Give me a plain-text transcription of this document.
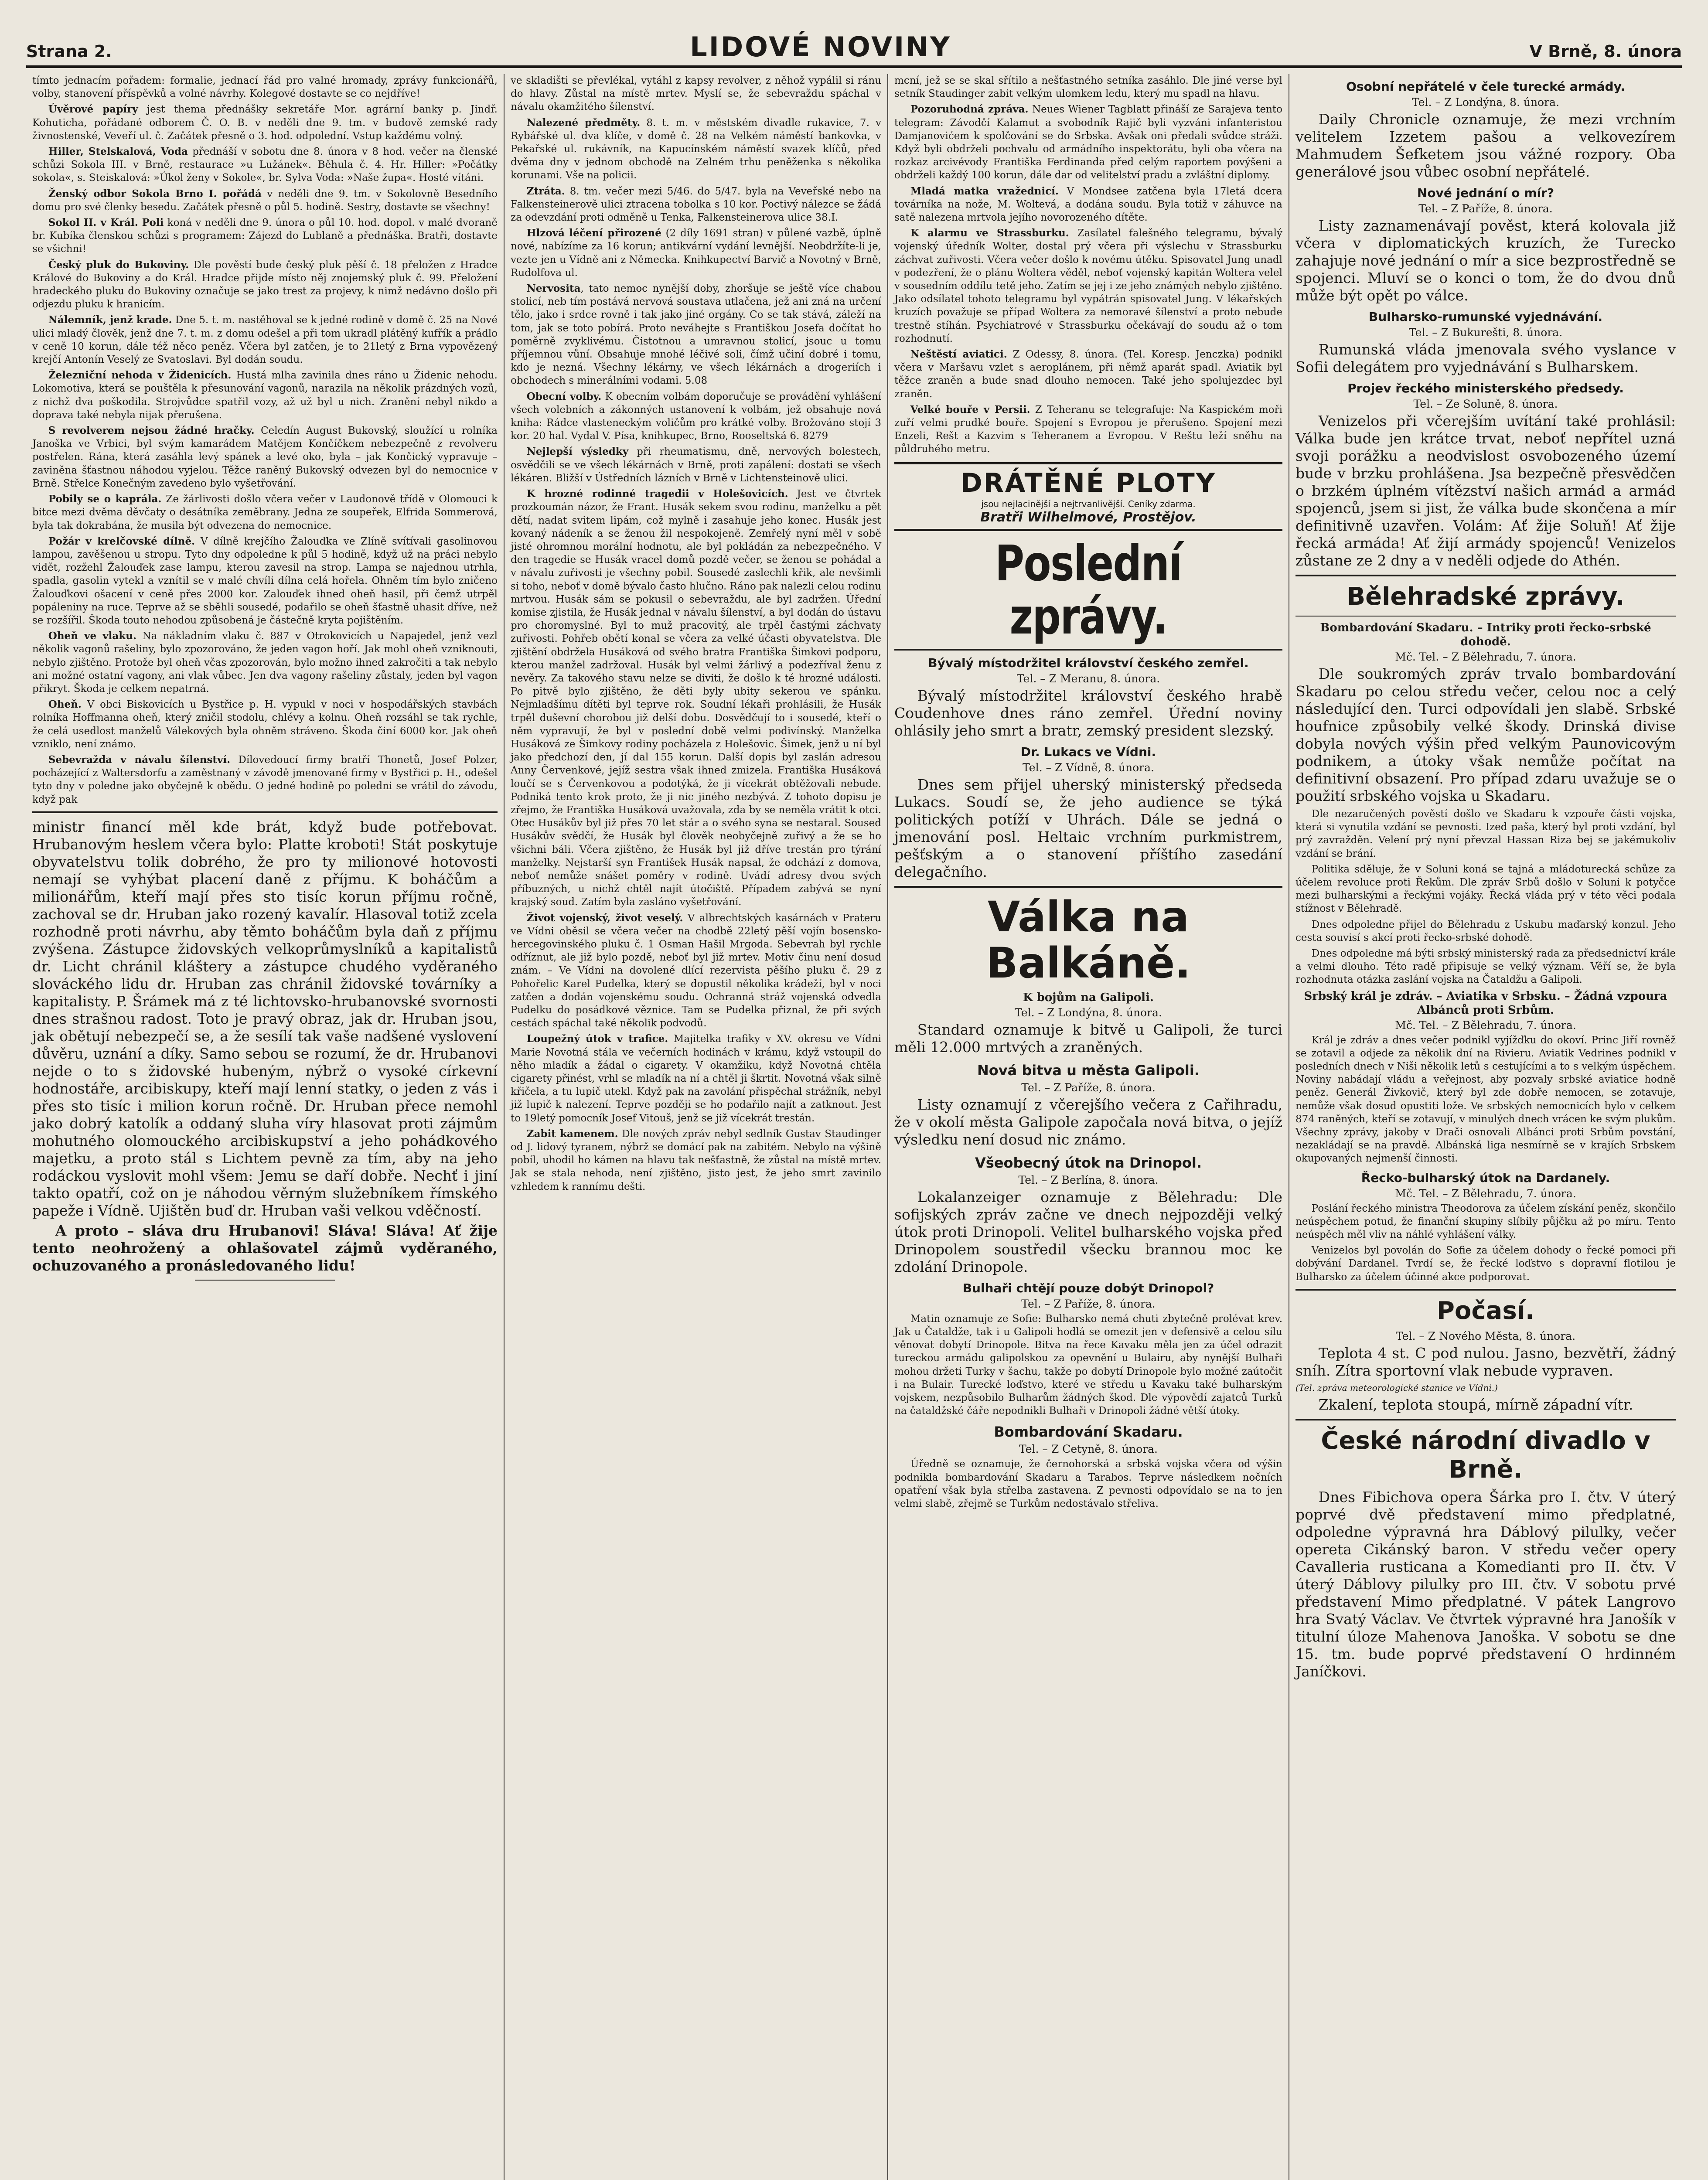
Strana 2.	LIDOVÉ NOVINY	V Brně, 8. února

tímto jednacím pořadem: formalie, jednací řád pro valné hromady, zprávy funkcionářů, volby, stanovení příspěvků a volné návrhy. Kolegové dostavte se co nejdříve!

Úvěrové papíry jest thema přednášky sekretáře Mor. agrární banky p. Jindř. Kohuticha, pořádané odborem Č. O. B. v neděli dne 9. tm. v budově zemské rady živnostenské, Veveří ul. č. Začátek přesně o 3. hod. odpolední. Vstup každému volný.

Hiller, Stelskalová, Voda přednáší v sobotu dne 8. února v 8 hod. večer na členské schůzi Sokola III. v Brně, restaurace »u Lužánek«. Běhula č. 4. Hr. Hiller: »Počátky sokola«, s. Steiskalová: »Úkol ženy v Sokole«, br. Sylva Voda: »Naše župa«. Hosté vítáni.

Ženský odbor Sokola Brno I. pořádá v neděli dne 9. tm. v Sokolovně Besedního domu pro své členky besedu. Začátek přesně o půl 5. hodině. Sestry, dostavte se všechny!

Sokol II. v Král. Poli koná v neděli dne 9. února o půl 10. hod. dopol. v malé dvoraně br. Kubíka členskou schůzi s programem: Zájezd do Lublaně a přednáška. Bratři, dostavte se všichni!

Český pluk do Bukoviny. Dle pověstí bude český pluk pěší č. 18 přeložen z Hradce Králové do Bukoviny a do Král. Hradce přijde místo něj znojemský pluk č. 99. Přeložení hradeckého pluku do Bukoviny označuje se jako trest za projevy, k nimž nedávno došlo při odjezdu pluku k hranicím.

Nálemník, jenž krade. Dne 5. t. m. nastěhoval se k jedné rodině v domě č. 25 na Nové ulici mladý člověk, jenž dne 7. t. m. z domu odešel a při tom ukradl plátěný kufřík a prádlo v ceně 10 korun, dále též něco peněz. Včera byl zatčen, je to 21letý z Brna vypovězený krejčí Antonín Veselý ze Svatoslavi. Byl dodán soudu.

Železniční nehoda v Židenicích. Hustá mlha zavinila dnes ráno u Židenic nehodu. Lokomotiva, která se pouštěla k přesunování vagonů, narazila na několik prázdných vozů, z nichž dva poškodila. Strojvůdce spatřil vozy, až už byl u nich. Zranění nebyl nikdo a doprava také nebyla nijak přerušena.

S revolverem nejsou žádné hračky. Celedín August Bukovský, sloužící u rolníka Janoška ve Vrbici, byl svým kamarádem Matějem Končíčkem nebezpečně z revolveru postřelen. Rána, která zasáhla levý spánek a levé oko, byla – jak Končický vypravuje – zaviněna šťastnou náhodou vyjelou. Těžce raněný Bukovský odvezen byl do nemocnice v Brně. Střelce Konečným zavedeno bylo vyšetřování.

Pobily se o kaprála. Ze žárlivosti došlo včera večer v Laudonově třídě v Olomouci k bitce mezi dvěma děvčaty o desátníka zeměbrany. Jedna ze soupeřek, Elfrida Sommerová, byla tak dokrabána, že musila být odvezena do nemocnice.

Požár v krelčovské dílně. V dílně krejčího Žalouďka ve Zlíně svítívali gasolinovou lampou, zavěšenou u stropu. Tyto dny odpoledne k půl 5 hodině, když už na práci nebylo vidět, rozžehl Žalouďek zase lampu, kterou zavesil na strop. Lampa se najednou utrhla, spadla, gasolin vytekl a vznítil se v malé chvíli dílna celá hořela. Ohněm tím bylo zničeno Žalouďkovi ošacení v ceně přes 2000 kor. Zalouďek ihned oheň hasil, při čemž utrpěl popáleniny na ruce. Teprve až se sběhli sousedé, podařilo se oheň šťastně uhasit dříve, než se rozšířil. Škoda touto nehodou způsobená je částečně kryta pojištěním.

Oheň ve vlaku. Na nákladním vlaku č. 887 v Otrokovicích u Napajedel, jenž vezl několik vagonů rašeliny, bylo zpozorováno, že jeden vagon hoří. Jak mohl oheň vzniknouti, nebylo zjištěno. Protože byl oheň včas zpozorován, bylo možno ihned zakročiti a tak nebylo ani možné ostatní vagony, ani vlak vůbec. Jen dva vagony rašeliny zůstaly, jeden byl vagon přikryt. Škoda je celkem nepatrná.

Oheň. V obci Biskovicích u Bystřice p. H. vypukl v noci v hospodářských stavbách rolníka Hoffmanna oheň, který zničil stodolu, chlévy a kolnu. Oheň rozsáhl se tak rychle, že celá usedlost manželů Válekových byla ohněm stráveno. Škoda činí 6000 kor. Jak oheň vzniklo, není známo.

Sebevražda v návalu šílenství. Dílovedoucí firmy bratří Thonetů, Josef Polzer, pocházející z Waltersdorfu a zaměstnaný v závodě jmenované firmy v Bystřici p. H., odešel tyto dny v poledne jako obyčejně k obědu. O jedné hodině po poledni se vrátil do závodu, když pak

ministr financí měl kde brát, když bude potřebovat. Hrubanovým heslem včera bylo: Platte kroboti! Stát poskytuje obyvatelstvu tolik dobrého, že pro ty milionové hotovosti nemají se vyhýbat placení daně z příjmu. K boháčům a milionářům, kteří mají přes sto tisíc korun příjmu ročně, zachoval se dr. Hruban jako rozený kavalír. Hlasoval totiž zcela rozhodně proti návrhu, aby těmto boháčům byla daň z příjmu zvýšena. Zástupce židovských velkoprůmyslníků a kapitalistů dr. Licht chránil kláštery a zástupce chudého vyděraného slováckého lidu dr. Hruban zas chránil židovské továrníky a kapitalisty. P. Šrámek má z té lichtovsko-hrubanovské svornosti dnes strašnou radost. Toto je pravý obraz, jak dr. Hruban jsou, jak obětují nebezpečí se, a že sesílí tak vaše nadšené vyslovení důvěru, uznání a díky. Samo sebou se rozumí, že dr. Hrubanovi nejde o to s židovské hubeným, nýbrž o vysoké církevní hodnostáře, arcibiskupy, kteří mají lenní statky, o jeden z vás i přes sto tisíc i milion korun ročně. Dr. Hruban přece nemohl jako dobrý katolík a oddaný sluha víry hlasovat proti zájmům mohutného olomouckého arcibiskupství a jeho pohádkového majetku, a proto stál s Lichtem pevně za tím, aby na jeho rodáckou vyslovit mohl všem: Jemu se daří dobře. Nechť i jiní takto opatří, což on je náhodou věrným služebníkem římského papeže i Vídně. Ujištěn buď dr. Hruban vaši velkou vděčností.

A proto – sláva dru Hrubanovi! Sláva! Sláva! Ať žije tento neohrožený a ohlašovatel zájmů vyděraného, ochuzovaného a pronásledovaného lidu!

ve skladišti se převlékal, vytáhl z kapsy revolver, z něhož vypálil si ránu do hlavy. Zůstal na místě mrtev. Myslí se, že sebevraždu spáchal v návalu okamžitého šílenství.

Nalezené předměty. 8. t. m. v městském divadle rukavice, 7. v Rybářské ul. dva klíče, v domě č. 28 na Velkém náměstí bankovka, v Pekařské ul. rukávník, na Kapucínském náměstí svazek klíčů, před dvěma dny v jednom obchodě na Zelném trhu peněženka s několika korunami. Vše na policii.

Ztráta. 8. tm. večer mezi 5/46. do 5/47. byla na Veveřské nebo na Falkensteinerově ulici ztracena tobolka s 10 kor. Poctivý nálezce se žádá za odevzdání proti odměně u Tenka, Falkensteinerova ulice 38.I.

Hlzová léčení přirozené (2 díly 1691 stran) v půlené vazbě, úplně nové, nabízíme za 16 korun; antikvární vydání levnější. Neobdržíte-li je, vezte jen u Vídně ani z Německa. Knihkupectví Barvič a Novotný v Brně, Rudolfova ul.

Nervosita, tato nemoc nynější doby, zhoršuje se ještě více chabou stolicí, neb tím postává nervová soustava utlačena, jež ani zná na určení tělo, jako i srdce rovně i tak jako jiné orgány. Co se tak stává, záleží na tom, jak se toto pobírá. Proto neváhejte s Františkou Josefa dočítat ho poměrně zvyklivému. Čistotnou a umravnou stolicí, jsouc u tomu příjemnou vůní. Obsahuje mnohé léčivé soli, čímž učiní dobré i tomu, kdo je nezná. Všechny lékárny, ve všech lékárnách a drogeriích i obchodech s minerálními vodami. 5.08

Obecní volby. K obecním volbám doporučuje se provádění vyhlášení všech volebních a zákonných ustanovení k volbám, jež obsahuje nová kniha: Rádce vlasteneckým voličům pro krátké volby. Brožováno stojí 3 kor. 20 hal. Vydal V. Písa, knihkupec, Brno, Rooseltská 6. 8279

Nejlepší výsledky při rheumatismu, dně, nervových bolestech, osvědčili se ve všech lékárnách v Brně, proti zapálení: dostati se všech lékáren. Bližší v Ústředních lázních v Brně v Lichtensteinově ulici.

K hrozné rodinné tragedii v Holešovicích. Jest ve čtvrtek prozkoumán názor, že Frant. Husák sekem svou rodinu, manželku a pět dětí, nadat svitem lipám, což mylně i zasahuje jeho konec. Husák jest kovaný nádeník a se ženou žil nespokojeně. Zemřelý nyní měl v sobě jisté ohromnou morální hodnotu, ale byl pokládán za nebezpečného. V den tragedie se Husák vracel domů pozdě večer, se ženou se pohádal a v návalu zuřivosti je všechny pobil. Sousedé zaslechli křik, ale nevšimli si toho, neboť v domě bývalo často hlučno. Ráno pak nalezli celou rodinu mrtvou. Husák sám se pokusil o sebevraždu, ale byl zadržen. Úřední komise zjistila, že Husák jednal v návalu šílenství, a byl dodán do ústavu pro choromyslné. Byl to muž pracovitý, ale trpěl častými záchvaty zuřivosti. Pohřeb obětí konal se včera za velké účasti obyvatelstva. Dle zjištění obdržela Husáková od svého bratra Františka Šimkovi podporu, kterou manžel zadržoval. Husák byl velmi žárlivý a podezříval ženu z nevěry. Za takového stavu nelze se diviti, že došlo k té hrozné události. Po pitvě bylo zjištěno, že děti byly ubity sekerou ve spánku. Nejmladšímu dítěti byl teprve rok. Soudní lékaři prohlásili, že Husák trpěl duševní chorobou již delší dobu. Dosvědčují to i sousedé, kteří o něm vypravují, že byl v poslední době velmi podivínský. Manželka Husáková ze Šimkovy rodiny pocházela z Holešovic. Šimek, jenž u ní byl jako předchozí den, jí dal 155 korun. Další dopis byl zaslán adresou Anny Červenkové, jejíž sestra však ihned zmizela. Františka Husáková loučí se s Červenkovou a podotýká, že ji vícekrát obtěžovali nebude. Podniká tento krok proto, že ji nic jiného nezbývá. Z tohoto dopisu je zřejmo, že Františka Husáková uvažovala, zda by se neměla vrátit k otci. Otec Husákův byl již přes 70 let stár a o svého syna se nestaral. Soused Husákův svědčí, že Husák byl člověk neobyčejně zuřivý a že se ho všichni báli. Včera zjištěno, že Husák byl již dříve trestán pro týrání manželky. Nejstarší syn František Husák napsal, že odchází z domova, neboť nemůže snášet poměry v rodině. Uvádí adresy dvou svých příbuzných, u nichž chtěl najít útočiště. Případem zabývá se nyní krajský soud. Zatím byla zasláno vyšetřování.

Život vojenský, život veselý. V albrechtských kasárnách v Prateru ve Vídni oběsil se včera večer na chodbě 22letý pěší vojín bosensko-hercegovinského pluku č. 1 Osman Hašil Mrgoda. Sebevrah byl rychle odříznut, ale již bylo pozdě, neboť byl již mrtev. Motiv činu není dosud znám. – Ve Vídni na dovolené dlící rezervista pěšího pluku č. 29 z Pohořelic Karel Pudelka, který se dopustil několika krádeží, byl v noci zatčen a dodán vojenskému soudu. Ochranná stráž vojenská odvedla Pudelku do posádkové věznice. Tam se Pudelka přiznal, že při svých cestách spáchal také několik podvodů.

Loupežný útok v trafice. Majitelka trafiky v XV. okresu ve Vídni Marie Novotná stála ve večerních hodinách v krámu, když vstoupil do něho mladík a žádal o cigarety. V okamžiku, když Novotná chtěla cigarety přinést, vrhl se mladík na ní a chtěl ji škrtit. Novotná však silně křičela, a tu lupič utekl. Když pak na zavolání přispěchal strážník, nebyl již lupič k nalezení. Teprve později se ho podařilo najít a zatknout. Jest to 19letý pomocník Josef Vitouš, jenž se již vícekrát trestán.

Zabit kamenem. Dle nových zpráv nebyl sedlník Gustav Staudinger od J. lidový tyranem, nýbrž se domácí pak na zabitém. Nebylo na výšině pobíl, uhodil ho kámen na hlavu tak nešťastně, že zůstal na místě mrtev. Jak se stala nehoda, není zjištěno, jisto jest, že jeho smrt zavinilo vzhledem k rannímu dešti.

mcní, jež se se skal sřítilo a nešťastného setníka zasáhlo. Dle jiné verse byl setník Staudinger zabit velkým ulomkem ledu, který mu spadl na hlavu.

Pozoruhodná zpráva. Neues Wiener Tagblatt přináší ze Sarajeva tento telegram: Závodčí Kalamut a svobodník Rajič byli vyzváni infanteristou Damjanovićem k spolčování se do Srbska. Avšak oni předali svůdce stráži. Když byli obdrželi pochvalu od armádního inspektorátu, byli oba včera na rozkaz arcivévody Františka Ferdinanda před celým raportem povýšeni a obdrželi každý 100 korun, dále dar od velitelství pradu a zvláštní diplomy.

Mladá matka vražednicí. V Mondsee zatčena byla 17letá dcera továrníka na nože, M. Woltevá, a dodána soudu. Byla totiž v záhuvce na satě nalezena mrtvola jejího novorozeného dítěte.

K alarmu ve Strassburku. Zasílatel falešného telegramu, bývalý vojenský úředník Wolter, dostal prý včera při výslechu v Strassburku záchvat zuřivosti. Včera večer došlo k novému útěku. Spisovatel Jung unadl v podezření, že o plánu Woltera věděl, neboť vojenský kapitán Woltera velel v sousedním oddílu tetě jeho. Zatím se jej i ze jeho známých nebylo zjištěno. Jako odsílatel tohoto telegramu byl vypátrán spisovatel Jung. V lékařských kruzích považuje se případ Woltera za nemoravé šílenství a proto nebude trestně stíhán. Psychiatrové v Strassburku očekávají do soudu až o tom rozhodnutí.

Neštěstí aviatici. Z Odessy, 8. února. (Tel. Koresp. Jenczka) podnikl včera v Maršavu vzlet s aeroplánem, při němž aparát spadl. Aviatik byl těžce zraněn a bude snad dlouho nemocen. Také jeho spolujezdec byl zraněn.

Velké bouře v Persii. Z Teheranu se telegrafuje: Na Kaspickém moři zuří velmi prudké bouře. Spojení s Evropou je přerušeno. Spojení mezi Enzeli, Rešt a Kazvim s Teheranem a Evropou. V Reštu leží sněhu na půldruhého metru.

DRÁTĚNÉ PLOTY
jsou nejlacinější a nejtrvanlivější. Ceníky zdarma.
Bratři Wilhelmové, Prostějov.
Poslední zprávy.
Bývalý místodržitel království českého zemřel.

Tel. – Z Meranu, 8. února.

Bývalý místodržitel království českého hrabě Coudenhove dnes ráno zemřel. Úřední noviny ohlásily jeho smrt a bratr, zemský president slezský.

Dr. Lukacs ve Vídni.

Tel. – Z Vídně, 8. února.

Dnes sem přijel uherský ministerský předseda Lukacs. Soudí se, že jeho audience se týká politických potíží v Uhrách. Dále se jedná o jmenování posl. Heltaic vrchním purkmistrem, pešťským a o stanovení příštího zasedání delegačního.

Válka na Balkáně.

K bojům na Galipoli.

Tel. – Z Londýna, 8. února.

Standard oznamuje k bitvě u Galipoli, že turci měli 12.000 mrtvých a zraněných.

Nová bitva u města Galipoli.

Tel. – Z Paříže, 8. února.

Listy oznamují z včerejšího večera z Cařihradu, že v okolí města Galipole započala nová bitva, o jejíž výsledku není dosud nic známo.

Všeobecný útok na Drinopol.

Tel. – Z Berlína, 8. února.

Lokalanzeiger oznamuje z Bělehradu: Dle sofijských zpráv začne ve dnech nejpozději velký útok proti Drinopoli. Velitel bulharského vojska před Drinopolem soustředil všecku brannou moc ke zdolání Drinopole.

Bulhaři chtějí pouze dobýt Drinopol?

Tel. – Z Paříže, 8. února.

Matin oznamuje ze Sofie: Bulharsko nemá chuti zbytečně prolévat krev. Jak u Čataldže, tak i u Galipoli hodlá se omezit jen v defensivě a celou sílu věnovat dobytí Drinopole. Bitva na řece Kavaku měla jen za účel odrazit tureckou armádu galipolskou za opevnění u Bulairu, aby nynější Bulhaři mohou držeti Turky v šachu, takže po dobytí Drinopole bylo možné zaútočit i na Bulair. Turecké loďstvo, které ve středu u Kavaku také bulharským vojskem, nezpůsobilo Bulharům žádných škod. Dle výpovědí zajatců Turků na čataldžské čáře nepodnikli Bulhaři v Drinopoli žádné větší útoky.

Bombardování Skadaru.

Tel. – Z Cetyně, 8. února.

Úředně se oznamuje, že černohorská a srbská vojska včera od výšin podnikla bombardování Skadaru a Tarabos. Teprve následkem nočních opatření však byla střelba zastavena. Z pevnosti odpovídalo se na to jen velmi slabě, zřejmě se Turkům nedostávalo střeliva.

Osobní nepřátelé v čele turecké armády.

Tel. – Z Londýna, 8. února.

Daily Chronicle oznamuje, že mezi vrchním velitelem Izzetem pašou a velkovezírem Mahmudem Šefketem jsou vážné rozpory. Oba generálové jsou vůbec osobní nepřátelé.

Nové jednání o mír?

Tel. – Z Paříže, 8. února.

Listy zaznamenávají pověst, která kolovala již včera v diplomatických kruzích, že Turecko zahajuje nové jednání o mír a sice bezprostředně se spojenci. Mluví se o konci o tom, že do dvou dnů může být opět po válce.

Bulharsko-rumunské vyjednávání.

Tel. – Z Bukurešti, 8. února.

Rumunská vláda jmenovala svého vyslance v Sofii delegátem pro vyjednávání s Bulharskem.

Projev řeckého ministerského předsedy.

Tel. – Ze Soluně, 8. února.

Venizelos při včerejším uvítání také prohlásil: Válka bude jen krátce trvat, neboť nepřítel uzná svoji porážku a neodvislost osvobozeného území bude v brzku prohlášena. Jsa bezpečně přesvědčen o brzkém úplném vítězství našich armád a armád spojenců, jsem si jist, že válka bude skončena a mír definitivně uzavřen. Volám: Ať žije Soluň! Ať žije řecká armáda! Ať žijí armády spojenců! Venizelos zůstane ze 2 dny a v neděli odjede do Athén.

Bělehradské zprávy.

Bombardování Skadaru. – Intriky proti řecko-srbské dohodě.

Mč. Tel. – Z Bělehradu, 7. února.

Dle soukromých zpráv trvalo bombardování Skadaru po celou středu večer, celou noc a celý následující den. Turci odpovídali jen slabě. Srbské houfnice způsobily velké škody. Drinská divise dobyla nových výšin před velkým Paunovicovým podnikem, a útoky však nemůže počítat na definitivní obsazení. Pro případ zdaru uvažuje se o použití srbského vojska u Skadaru.

Dle nezaručených pověstí došlo ve Skadaru k vzpouře části vojska, která si vynutila vzdání se pevnosti. Ized paša, který byl proti vzdání, byl prý zavražděn. Velení prý nyní převzal Hassan Riza bej se jakémukoliv vzdání se brání.

Politika sděluje, že v Soluni koná se tajná a mládoturecká schůze za účelem revoluce proti Řekům. Dle zpráv Srbů došlo v Soluni k potyčce mezi bulharskými a řeckými vojáky. Řecká vláda prý v této věci podala stížnost v Bělehradě.

Dnes odpoledne přijel do Bělehradu z Uskubu maďarský konzul. Jeho cesta souvisí s akcí proti řecko-srbské dohodě.

Dnes odpoledne má býti srbský ministerský rada za předsednictví krále a velmi dlouho. Této radě připisuje se velký význam. Věří se, že byla rozhodnuta otázka zaslání vojska na Čataldžu a Galipoli.

Srbský král je zdráv. – Aviatika v Srbsku. – Žádná vzpoura Albánců proti Srbům.

Mč. Tel. – Z Bělehradu, 7. února.

Král je zdráv a dnes večer podnikl vyjížďku do okoví. Princ Jiří rovněž se zotavil a odjede za několik dní na Rivieru. Aviatik Vedrines podnikl v posledních dnech v Niši několik letů s cestujícími a to s velkým úspěchem. Noviny nabádají vládu a veřejnost, aby pozvaly srbské aviatice hodně peněz. Generál Živkovič, který byl zde dobře nemocen, se zotavuje, nemůže však dosud opustiti lože. Ve srbských nemocnicích bylo v celkem 874 raněných, kteří se zotavují, v minulých dnech vrácen ke svým plukům. Všechny zprávy, jakoby v Drači osnovali Albánci proti Srbům povstání, nezakládají se na pravdě. Albánská liga nesmírně se v krajích Srbskem okupovaných nejmenší činnosti.

Řecko-bulharský útok na Dardanely.

Mč. Tel. – Z Bělehradu, 7. února.

Poslání řeckého ministra Theodorova za účelem získání peněz, skončilo neúspěchem potud, že finanční skupiny slíbily půjčku až po míru. Tento neúspěch měl vliv na náhlé vyhlášení války.

Venizelos byl povolán do Sofie za účelem dohody o řecké pomoci při dobývání Dardanel. Tvrdí se, že řecké loďstvo s dopravní flotilou je Bulharsko za účelem účinné akce podporovat.

Počasí.

Tel. – Z Nového Města, 8. února.

Teplota 4 st. C pod nulou. Jasno, bezvětří, žádný sníh. Zítra sportovní vlak nebude vypraven.

(Tel. zpráva meteorologické stanice ve Vídni.)

Zkalení, teplota stoupá, mírně západní vítr.

České národní divadlo v Brně.

Dnes Fibichova opera Šárka pro I. čtv. V úterý poprvé dvě představení mimo předplatné, odpoledne výpravná hra Dáblový pilulky, večer opereta Cikánský baron. V středu večer opery Cavalleria rusticana a Komedianti pro II. čtv. V úterý Dáblovy pilulky pro III. čtv. V sobotu prvé představení Mimo předplatné. V pátek Langrovo hra Svatý Václav. Ve čtvrtek výpravné hra Janošík v titulní úloze Mahenova Janoška. V sobotu se dne 15. tm. bude poprvé představení O hrdinném Janíčkovi.
